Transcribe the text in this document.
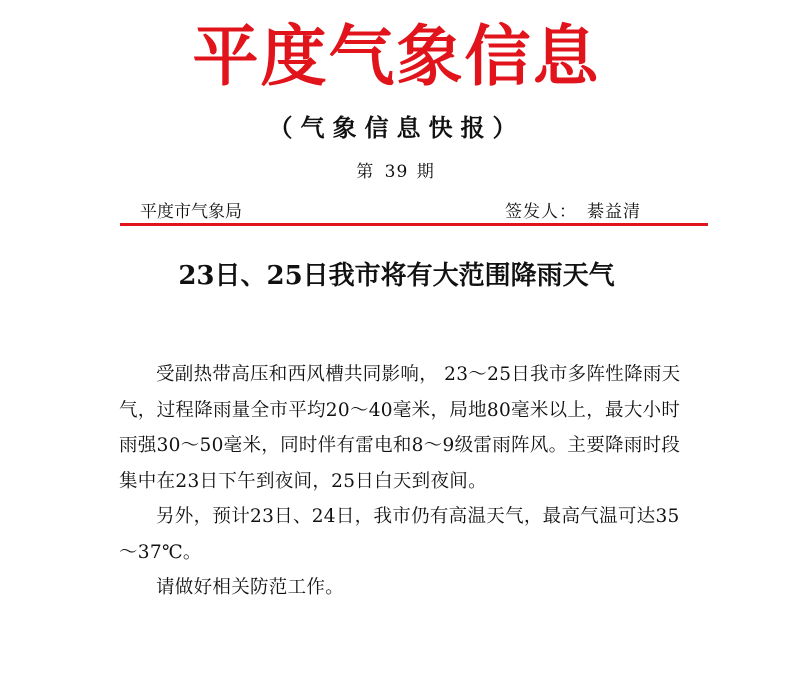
平度气象信息
（气象信息快报）
第 39 期
平度市气象局	签发人： 綦益清
23日、25日我市将有大范围降雨天气

受副热带高压和西风槽共同影响， 23～25日我市多阵性降雨天气，过程降雨量全市平均20～40毫米，局地80毫米以上，最大小时雨强30～50毫米，同时伴有雷电和8～9级雷雨阵风。主要降雨时段集中在23日下午到夜间，25日白天到夜间。

另外，预计23日、24日，我市仍有高温天气，最高气温可达35～37℃。

请做好相关防范工作。
